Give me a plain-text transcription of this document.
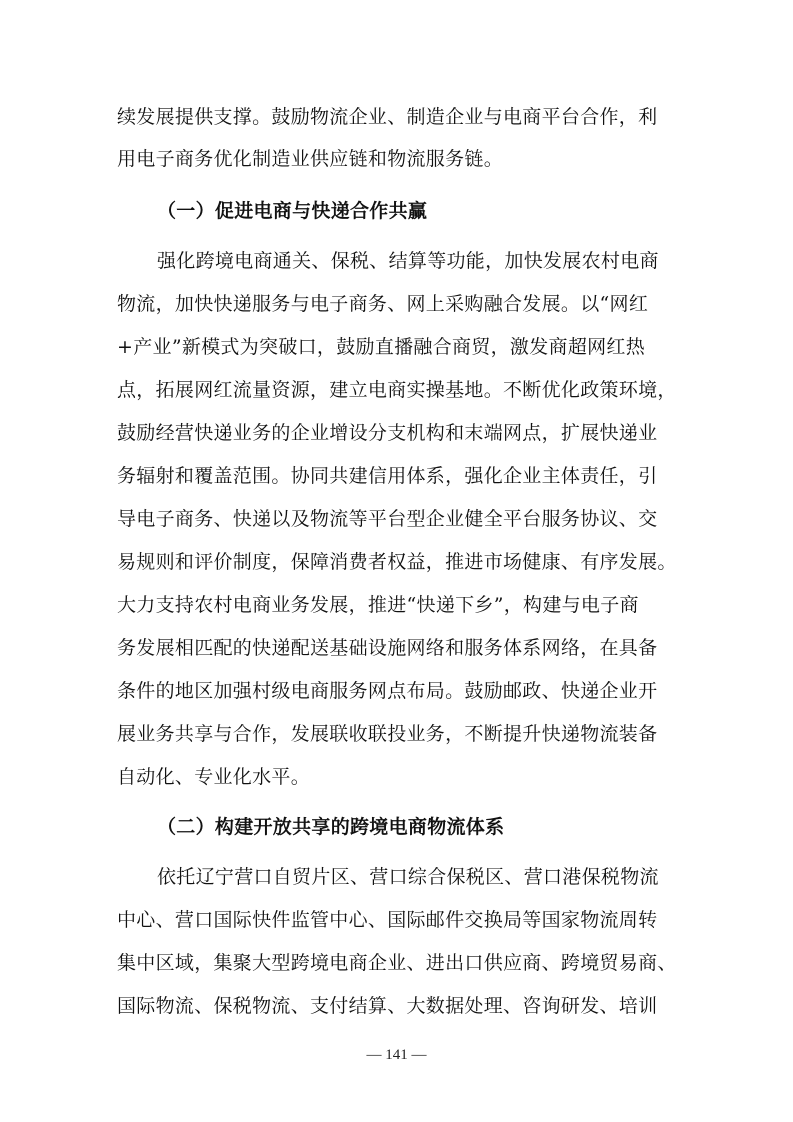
续发展提供支撑。鼓励物流企业、制造企业与电商平台合作，利
用电子商务优化制造业供应链和物流服务链。
（一）促进电商与快递合作共赢
强化跨境电商通关、保税、结算等功能，加快发展农村电商
物流，加快快递服务与电子商务、网上采购融合发展。以“网红
+产业”新模式为突破口，鼓励直播融合商贸，激发商超网红热
点，拓展网红流量资源，建立电商实操基地。不断优化政策环境，
鼓励经营快递业务的企业增设分支机构和末端网点，扩展快递业
务辐射和覆盖范围。协同共建信用体系，强化企业主体责任，引
导电子商务、快递以及物流等平台型企业健全平台服务协议、交
易规则和评价制度，保障消费者权益，推进市场健康、有序发展。
大力支持农村电商业务发展，推进“快递下乡”，构建与电子商
务发展相匹配的快递配送基础设施网络和服务体系网络，在具备
条件的地区加强村级电商服务网点布局。鼓励邮政、快递企业开
展业务共享与合作，发展联收联投业务，不断提升快递物流装备
自动化、专业化水平。
（二）构建开放共享的跨境电商物流体系
依托辽宁营口自贸片区、营口综合保税区、营口港保税物流
中心、营口国际快件监管中心、国际邮件交换局等国家物流周转
集中区域，集聚大型跨境电商企业、进出口供应商、跨境贸易商、
国际物流、保税物流、支付结算、大数据处理、咨询研发、培训
— 141 —
